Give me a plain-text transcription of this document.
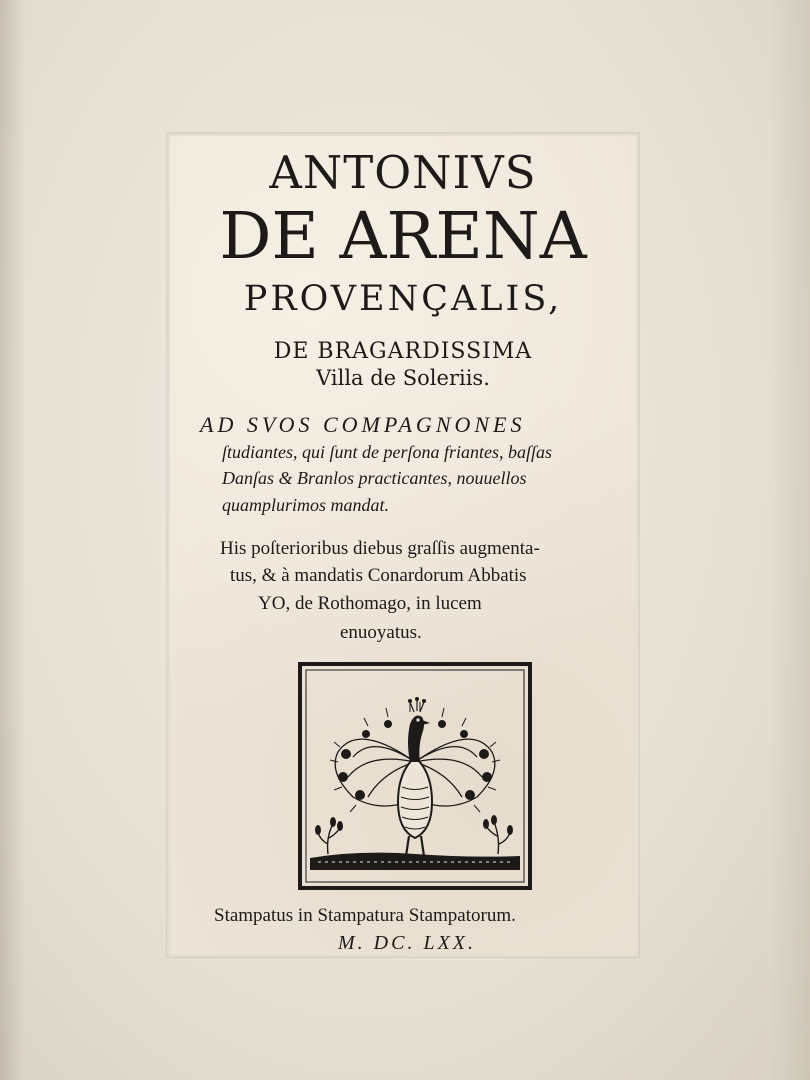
ANTONIVS
DE ARENA
PROVENÇALIS,
DE BRAGARDISSIMA
Villa de Soleriis.
AD SVOS COMPAGNONES
ſtudiantes, qui ſunt de perſona friantes, baſſas
Danſas & Branlos practicantes, nouuellos
quamplurimos mandat.
His poſterioribus diebus graſſis augmenta-
tus, & à mandatis Conardorum Abbatis
YO, de Rothomago, in lucem
enuoyatus.
Stampatus in Stampatura Stampatorum.
M. DC. LXX.
